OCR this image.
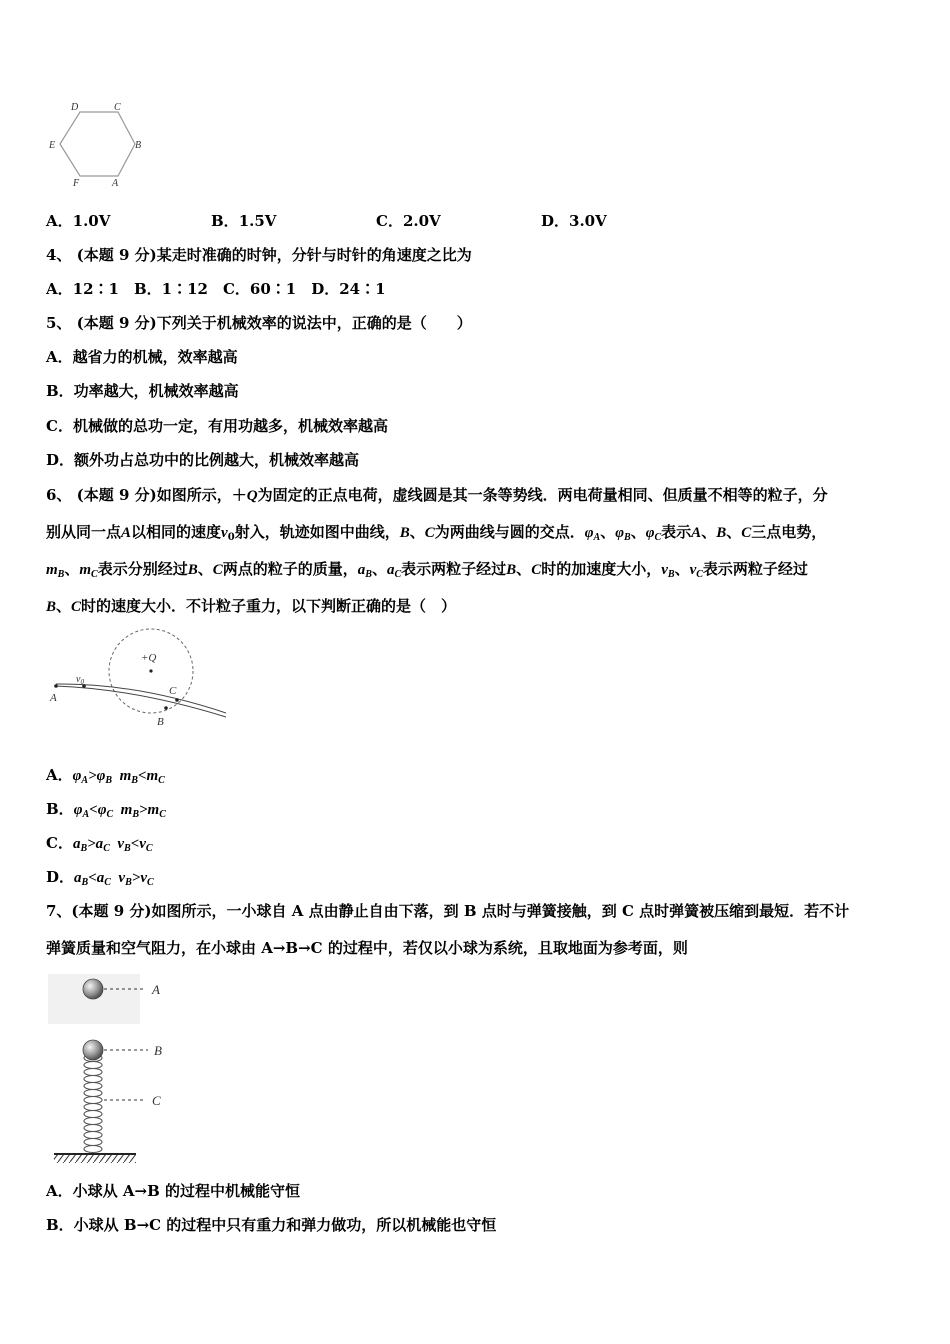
D	C
B
A
F
E
A．1.0V	B．1.5V	C．2.0V	D．3.0V
4、 (本题 9 分)某走时准确的时钟，分针与时针的角速度之比为
A．12∶1　B．1∶12　C．60∶1　D．24∶1
5、 (本题 9 分)下列关于机械效率的说法中，正确的是（　　）
A．越省力的机械，效率越高
B．功率越大，机械效率越高
C．机械做的总功一定，有用功越多，机械效率越高
D．额外功占总功中的比例越大，机械效率越高
6、 (本题 9 分)如图所示，＋Q为固定的正点电荷，虚线圆是其一条等势线．两电荷量相同、但质量不相等的粒子，分
别从同一点A以相同的速度$v_0$射入，轨迹如图中曲线，B、C为两曲线与圆的交点．$\varphi_A$、$\varphi_B$、$\varphi_C$表示A、B、C三点电势，
$m_B$、$m_C$表示分别经过B、C两点的粒子的质量，$a_B$、$a_C$表示两粒子经过B、C时的加速度大小，$v_B$、$v_C$表示两粒子经过
B、C时的速度大小．不计粒子重力，以下判断正确的是（　）
+Q
A
$v_0$
C
B
A．$\varphi_A>\varphi_B$  $m_B<m_C$
B．$\varphi_A<\varphi_C$  $m_B>m_C$
C．$a_B>a_C$  $v_B<v_C$
D．$a_B<a_C$  $v_B>v_C$
7、(本题 9 分)如图所示，一小球自 A 点由静止自由下落，到 B 点时与弹簧接触，到 C 点时弹簧被压缩到最短．若不计
弹簧质量和空气阻力，在小球由 A→B→C 的过程中，若仅以小球为系统，且取地面为参考面，则
A
B
C
A．小球从 A→B 的过程中机械能守恒
B．小球从 B→C 的过程中只有重力和弹力做功，所以机械能也守恒
